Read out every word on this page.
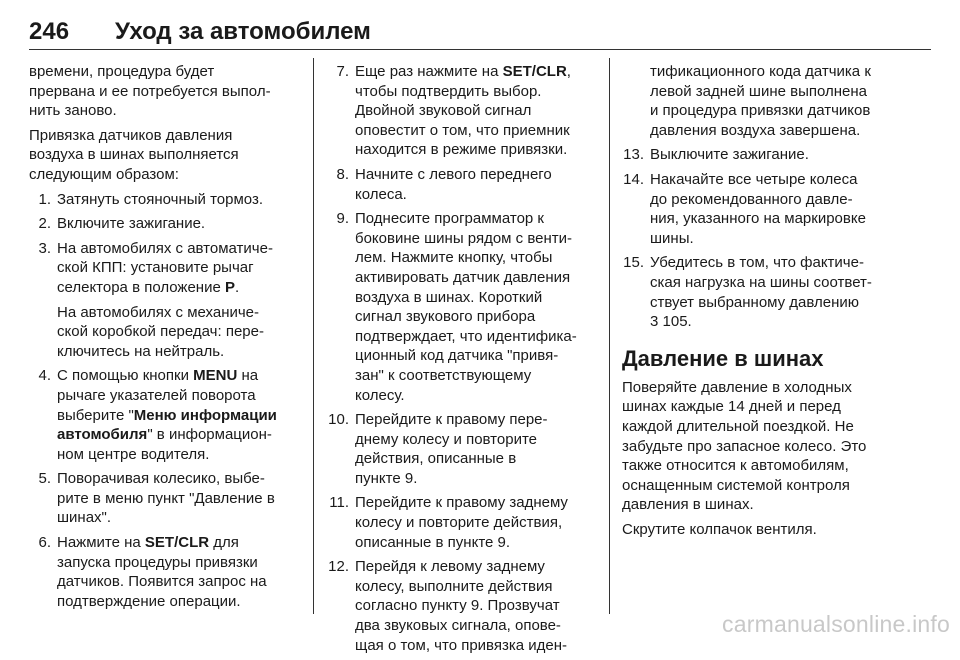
246 Уход за автомобилем

времени, процедура будет
прервана и ее потребуется выпол-
нить заново.

Привязка датчиков давления
воздуха в шинах выполняется
следующим образом:

1. Затянуть стояночный тормоз.
2. Включите зажигание.
3. На автомобилях с автоматиче-
ской КПП: установите рычаг
селектора в положение P.
На автомобилях с механиче-
ской коробкой передач: пере-
ключитесь на нейтраль.
4. С помощью кнопки MENU на
рычаге указателей поворота
выберите "Меню информации
автомобиля" в информацион-
ном центре водителя.
5. Поворачивая колесико, выбе-
рите в меню пункт "Давление в
шинах".
6. Нажмите на SET/CLR для
запуска процедуры привязки
датчиков. Появится запрос на
подтверждение операции.
7. Еще раз нажмите на SET/CLR,
чтобы подтвердить выбор.
Двойной звуковой сигнал
оповестит о том, что приемник
находится в режиме привязки.
8. Начните с левого переднего
колеса.
9. Поднесите программатор к
боковине шины рядом с венти-
лем. Нажмите кнопку, чтобы
активировать датчик давления
воздуха в шинах. Короткий
сигнал звукового прибора
подтверждает, что идентифика-
ционный код датчика "привя-
зан" к соответствующему
колесу.
10. Перейдите к правому пере-
днему колесу и повторите
действия, описанные в
пункте 9.
11. Перейдите к правому заднему
колесу и повторите действия,
описанные в пункте 9.
12. Перейдя к левому заднему
колесу, выполните действия
согласно пункту 9. Прозвучат
два звуковых сигнала, опове-
щая о том, что привязка иден-
тификационного кода датчика к
левой задней шине выполнена
и процедура привязки датчиков
давления воздуха завершена.
13. Выключите зажигание.
14. Накачайте все четыре колеса
до рекомендованного давле-
ния, указанного на маркировке
шины.
15. Убедитесь в том, что фактиче-
ская нагрузка на шины соответ-
ствует выбранному давлению
3 105.
Давление в шинах

Поверяйте давление в холодных
шинах каждые 14 дней и перед
каждой длительной поездкой. Не
забудьте про запасное колесо. Это
также относится к автомобилям,
оснащенным системой контроля
давления в шинах.

Скрутите колпачок вентиля.

carmanualsonline.info
